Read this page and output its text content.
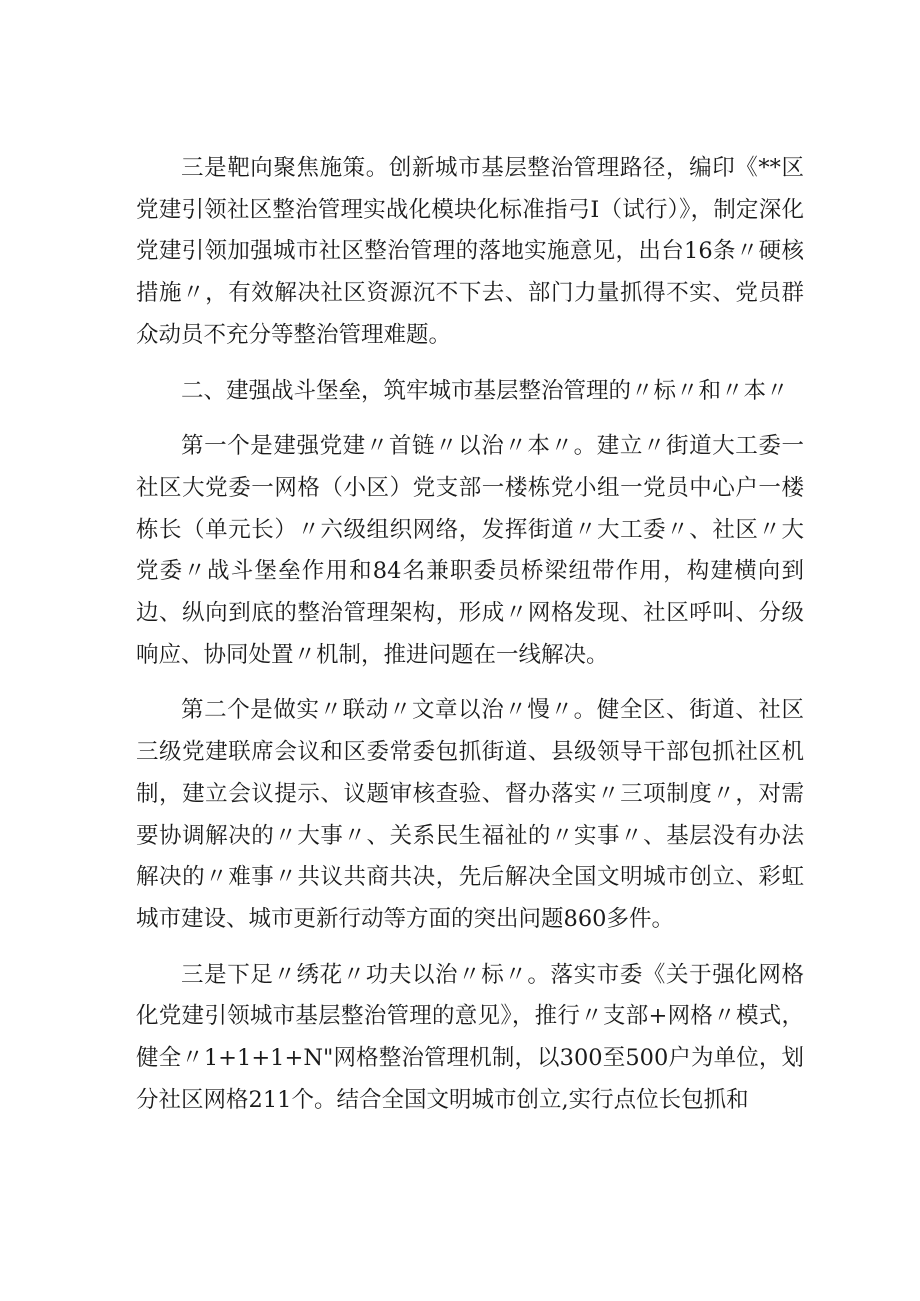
三是靶向聚焦施策。创新城市基层整治管理路径，编印《**区党建引领社区整治管理实战化模块化标准指弓I（试行）》，制定深化党建引领加强城市社区整治管理的落地实施意见，出台16条〃硬核措施〃，有效解决社区资源沉不下去、部门力量抓得不实、党员群众动员不充分等整治管理难题。

二、建强战斗堡垒，筑牢城市基层整治管理的〃标〃和〃本〃

第一个是建强党建〃首链〃以治〃本〃。建立〃街道大工委一社区大党委一网格（小区）党支部一楼栋党小组一党员中心户一楼栋长（单元长）〃六级组织网络，发挥街道〃大工委〃、社区〃大党委〃战斗堡垒作用和84名兼职委员桥梁纽带作用，构建横向到边、纵向到底的整治管理架构，形成〃网格发现、社区呼叫、分级响应、协同处置〃机制，推进问题在一线解决。

第二个是做实〃联动〃文章以治〃慢〃。健全区、街道、社区三级党建联席会议和区委常委包抓街道、县级领导干部包抓社区机制，建立会议提示、议题审核查验、督办落实〃三项制度〃，对需要协调解决的〃大事〃、关系民生福祉的〃实事〃、基层没有办法解决的〃难事〃共议共商共决，先后解决全国文明城市创立、彩虹城市建设、城市更新行动等方面的突出问题860多件。

三是下足〃绣花〃功夫以治〃标〃。落实市委《关于强化网格化党建引领城市基层整治管理的意见》，推行〃支部+网格〃模式，健全〃1+1+1+N"网格整治管理机制，以300至500户为单位，划分社区网格211个。结合全国文明城市创立,实行点位长包抓和
